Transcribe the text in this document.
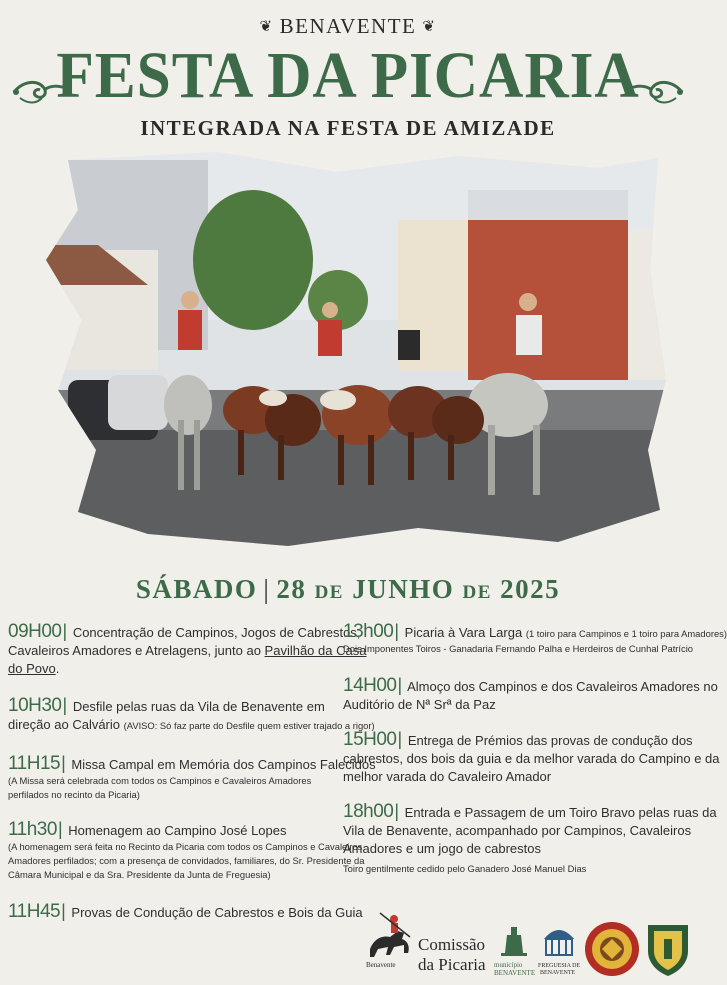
❦ BENAVENTE ❦
FESTA DA PICARIA
INTEGRADA NA FESTA DE AMIZADE
SÁBADO | 28 DE JUNHO DE 2025
09H00| Concentração de Campinos, Jogos de Cabrestos,
Cavaleiros Amadores e Atrelagens, junto ao Pavilhão da Casa
do Povo.
10H30| Desfile pelas ruas da Vila de Benavente em
direção ao Calvário (AVISO: Só faz parte do Desfile quem estiver trajado a rigor)
11H15| Missa Campal em Memória dos Campinos Falecidos
(A Missa será celebrada com todos os Campinos e Cavaleiros Amadores
perfilados no recinto da Picaria)
11h30| Homenagem ao Campino José Lopes
(A homenagem será feita no Recinto da Picaria com todos os Campinos e Cavaleiros
Amadores perfilados; com a presença de convidados, familiares, do Sr. Presidente da
Câmara Municipal e da Sra. Presidente da Junta de Freguesia)
11H45| Provas de Condução de Cabrestos e Bois da Guia
13h00| Picaria à Vara Larga (1 toiro para Campinos e 1 toiro para Amadores)
Dois Imponentes Toiros - Ganadaria Fernando Palha e Herdeiros de Cunhal Patrício
14H00| Almoço dos Campinos e dos Cavaleiros Amadores no
Auditório de Nª Srª da Paz
15H00| Entrega de Prémios das provas de condução dos
cabrestos, dos bois da guia e da melhor varada do Campino e da
melhor varada do Cavaleiro Amador
18h00| Entrada e Passagem de um Toiro Bravo pelas ruas da
Vila de Benavente, acompanhado por Campinos, Cavaleiros
Amadores e um jogo de cabrestos
Toiro gentilmente cedido pelo Ganadero José Manuel Dias
Benavente
Comissão
da Picaria município
BENAVENTE
FREGUESIA DE
BENAVENTE
